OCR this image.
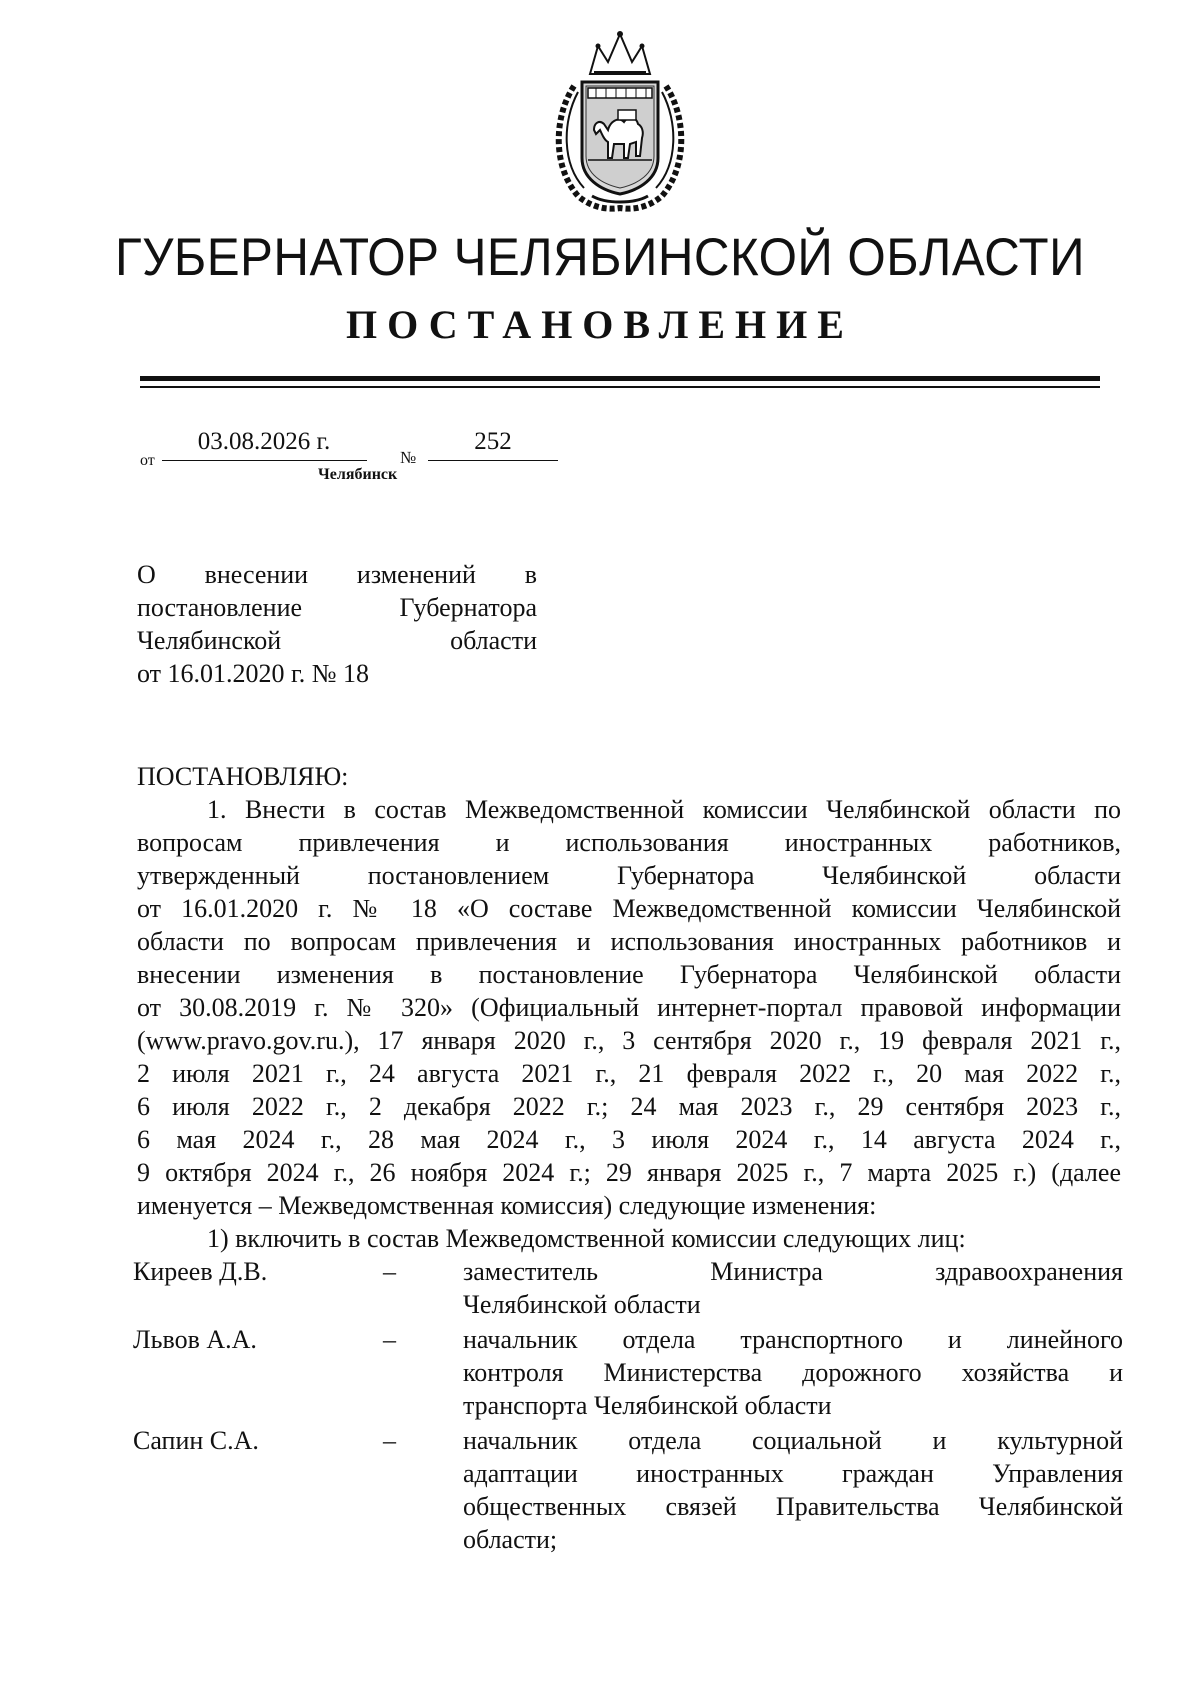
ГУБЕРНАТОР ЧЕЛЯБИНСКОЙ ОБЛАСТИ
ПОСТАНОВЛЕНИЕ
от
03.08.2026 г.
№
252
Челябинск
О внесении изменений в
постановление Губернатора
Челябинской области
от 16.01.2020 г. № 18
ПОСТАНОВЛЯЮ:
1. Внести в состав Межведомственной комиссии Челябинской области по
вопросам привлечения и использования иностранных работников,
утвержденный постановлением Губернатора Челябинской области
от 16.01.2020 г. № 18 «О составе Межведомственной комиссии Челябинской
области по вопросам привлечения и использования иностранных работников и
внесении изменения в постановление Губернатора Челябинской области
от 30.08.2019 г. № 320» (Официальный интернет-портал правовой информации
(www.pravo.gov.ru.), 17 января 2020 г., 3 сентября 2020 г., 19 февраля 2021 г.,
2 июля 2021 г., 24 августа 2021 г., 21 февраля 2022 г., 20 мая 2022 г.,
6 июля 2022 г., 2 декабря 2022 г.; 24 мая 2023 г., 29 сентября 2023 г.,
6 мая 2024 г., 28 мая 2024 г., 3 июля 2024 г., 14 августа 2024 г.,
9 октября 2024 г., 26 ноября 2024 г.; 29 января 2025 г., 7 марта 2025 г.) (далее
именуется – Межведомственная комиссия) следующие изменения:
1) включить в состав Межведомственной комиссии следующих лиц:
Киреев Д.В.	–	заместитель Министра здравоохранения
Челябинской области
Львов А.А.	–	начальник отдела транспортного и линейного
контроля Министерства дорожного хозяйства и
транспорта Челябинской области
Сапин С.А.	–	начальник отдела социальной и культурной
адаптации иностранных граждан Управления
общественных связей Правительства Челябинской
области;
